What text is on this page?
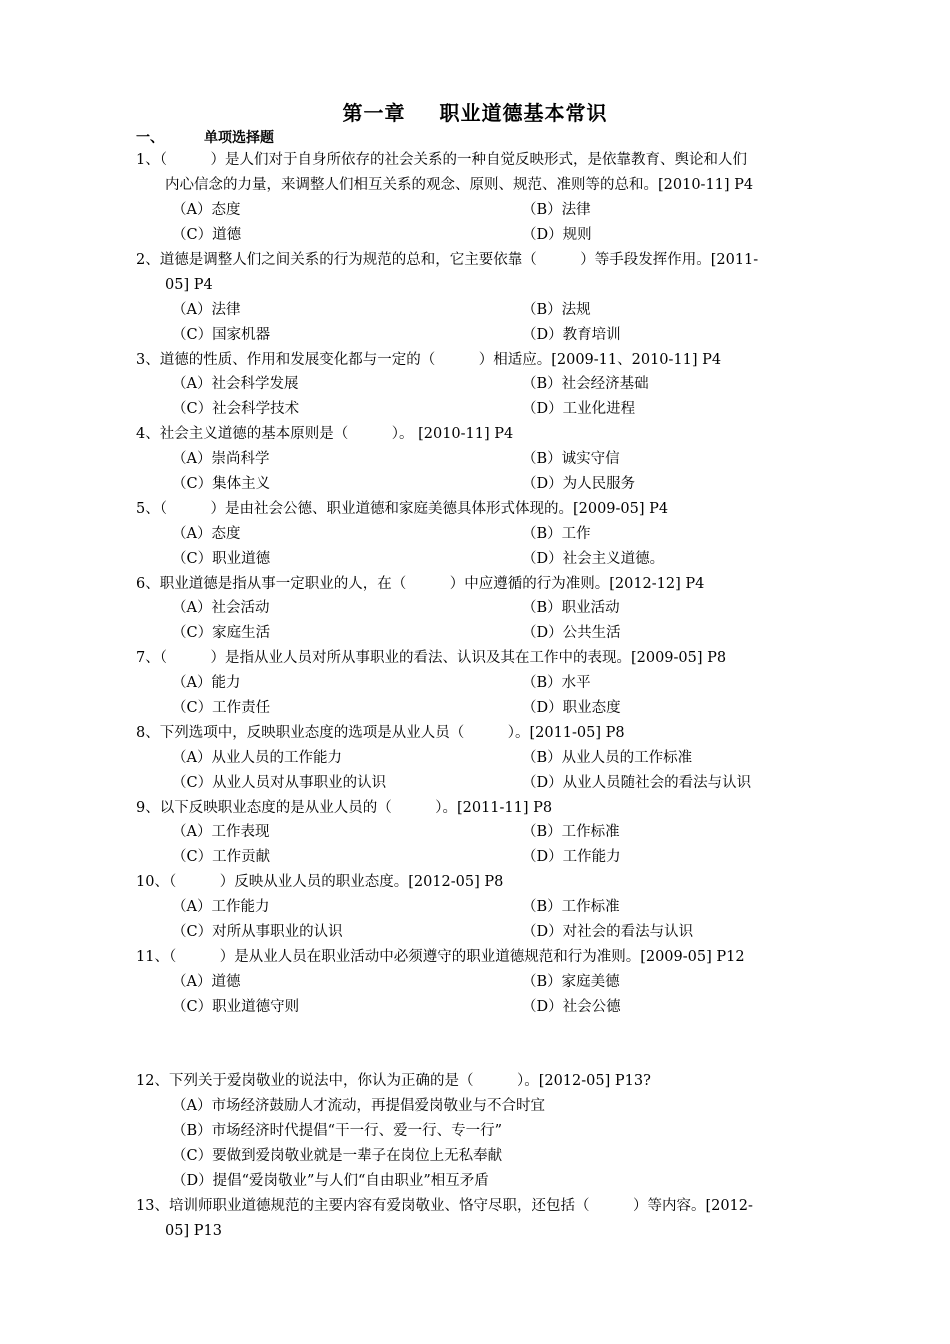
第一章 职业道德基本常识
一、	单项选择题
1、（　　　）是人们对于自身所依存的社会关系的一种自觉反映形式，是依靠教育、舆论和人们
内心信念的力量，来调整人们相互关系的观念、原则、规范、准则等的总和。[2010-11] P4
（A）态度	（B）法律
（C）道德	（D）规则
2、道德是调整人们之间关系的行为规范的总和，它主要依靠（　　　）等手段发挥作用。[2011-
05] P4
（A）法律	（B）法规
（C）国家机器	（D）教育培训
3、道德的性质、作用和发展变化都与一定的（　　　）相适应。[2009-11、2010-11] P4
（A）社会科学发展	（B）社会经济基础
（C）社会科学技术	（D）工业化进程
4、社会主义道德的基本原则是（　　　）。 [2010-11] P4
（A）崇尚科学	（B）诚实守信
（C）集体主义	（D）为人民服务
5、（　　　）是由社会公德、职业道德和家庭美德具体形式体现的。[2009-05] P4
（A）态度	（B）工作
（C）职业道德	（D）社会主义道德。
6、职业道德是指从事一定职业的人，在（　　　）中应遵循的行为准则。[2012-12] P4
（A）社会活动	（B）职业活动
（C）家庭生活	（D）公共生活
7、（　　　）是指从业人员对所从事职业的看法、认识及其在工作中的表现。[2009-05] P8
（A）能力	（B）水平
（C）工作责任	（D）职业态度
8、下列选项中，反映职业态度的选项是从业人员（　　　）。[2011-05] P8
（A）从业人员的工作能力	（B）从业人员的工作标准
（C）从业人员对从事职业的认识	（D）从业人员随社会的看法与认识
9、以下反映职业态度的是从业人员的（　　　）。[2011-11] P8
（A）工作表现	（B）工作标准
（C）工作贡献	（D）工作能力
10、（　　　）反映从业人员的职业态度。[2012-05] P8
（A）工作能力	（B）工作标准
（C）对所从事职业的认识	（D）对社会的看法与认识
11、（　　　）是从业人员在职业活动中必须遵守的职业道德规范和行为准则。[2009-05] P12
（A）道德	（B）家庭美德
（C）职业道德守则	（D）社会公德
12、下列关于爱岗敬业的说法中，你认为正确的是（　　　）。[2012-05] P13?
（A）市场经济鼓励人才流动，再提倡爱岗敬业与不合时宜
（B）市场经济时代提倡“干一行、爱一行、专一行”
（C）要做到爱岗敬业就是一辈子在岗位上无私奉献
（D）提倡“爱岗敬业”与人们“自由职业”相互矛盾
13、培训师职业道德规范的主要内容有爱岗敬业、恪守尽职，还包括（　　　）等内容。[2012-
05] P13
